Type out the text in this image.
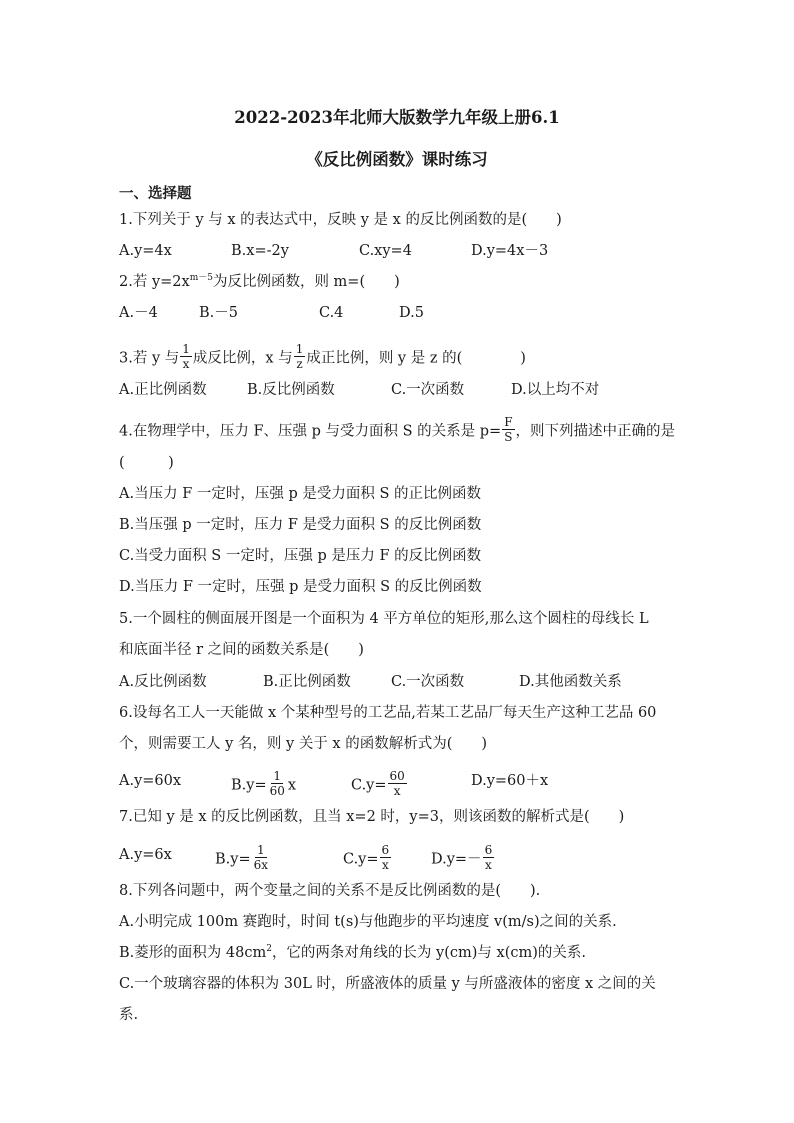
2022-2023年北师大版数学九年级上册6.1
《反比例函数》课时练习
一、选择题
1.下列关于 y 与 x 的表达式中，反映 y 是 x 的反比例函数的是(　　)
A.y=4x	B.x=-2y	C.xy=4	D.y=4x－3
2.若 $y=2x^{m-5}$为反比例函数，则 m=(　　)
A.－4	B.－5	C.4	D.5
3.若 y 与 $\frac{1}{x}$ 成反比例，x 与 $\frac{1}{z}$ 成正比例，则 y 是 z 的(　　　　)
A.正比例函数	B.反比例函数	C.一次函数	D.以上均不对
4.在物理学中，压力 F、压强 p 与受力面积 S 的关系是 $p= \frac{F}{S}$ ，则下列描述中正确的是
(　　　)
A.当压力 F 一定时，压强 p 是受力面积 S 的正比例函数
B.当压强 p 一定时，压力 F 是受力面积 S 的反比例函数
C.当受力面积 S 一定时，压强 p 是压力 F 的反比例函数
D.当压力 F 一定时，压强 p 是受力面积 S 的反比例函数
5.一个圆柱的侧面展开图是一个面积为 4 平方单位的矩形,那么这个圆柱的母线长 L
和底面半径 r 之间的函数关系是(　　)
A.反比例函数	B.正比例函数	C.一次函数	D.其他函数关系
6.设每名工人一天能做 x 个某种型号的工艺品,若某工艺品厂每天生产这种工艺品 60
个，则需要工人 y 名，则 y 关于 x 的函数解析式为(　　)
A.y=60x	$B.y= \frac{1}{60}$ x	$C.y= \frac{60}{x}$	D.y=60＋x
7.已知 y 是 x 的反比例函数，且当 x=2 时，y=3，则该函数的解析式是(　　)
A.y=6x	$B.y= \frac{1}{6x}$	$C.y= \frac{6}{x}$	$D.y=- \frac{6}{x}$
8.下列各问题中，两个变量之间的关系不是反比例函数的是(　　).
A.小明完成 100m 赛跑时，时间 t(s)与他跑步的平均速度 v(m/s)之间的关系.
B.菱形的面积为 $48cm^2$，它的两条对角线的长为 y(cm)与 x(cm)的关系.
C.一个玻璃容器的体积为 30L 时，所盛液体的质量 y 与所盛液体的密度 x 之间的关
系.
